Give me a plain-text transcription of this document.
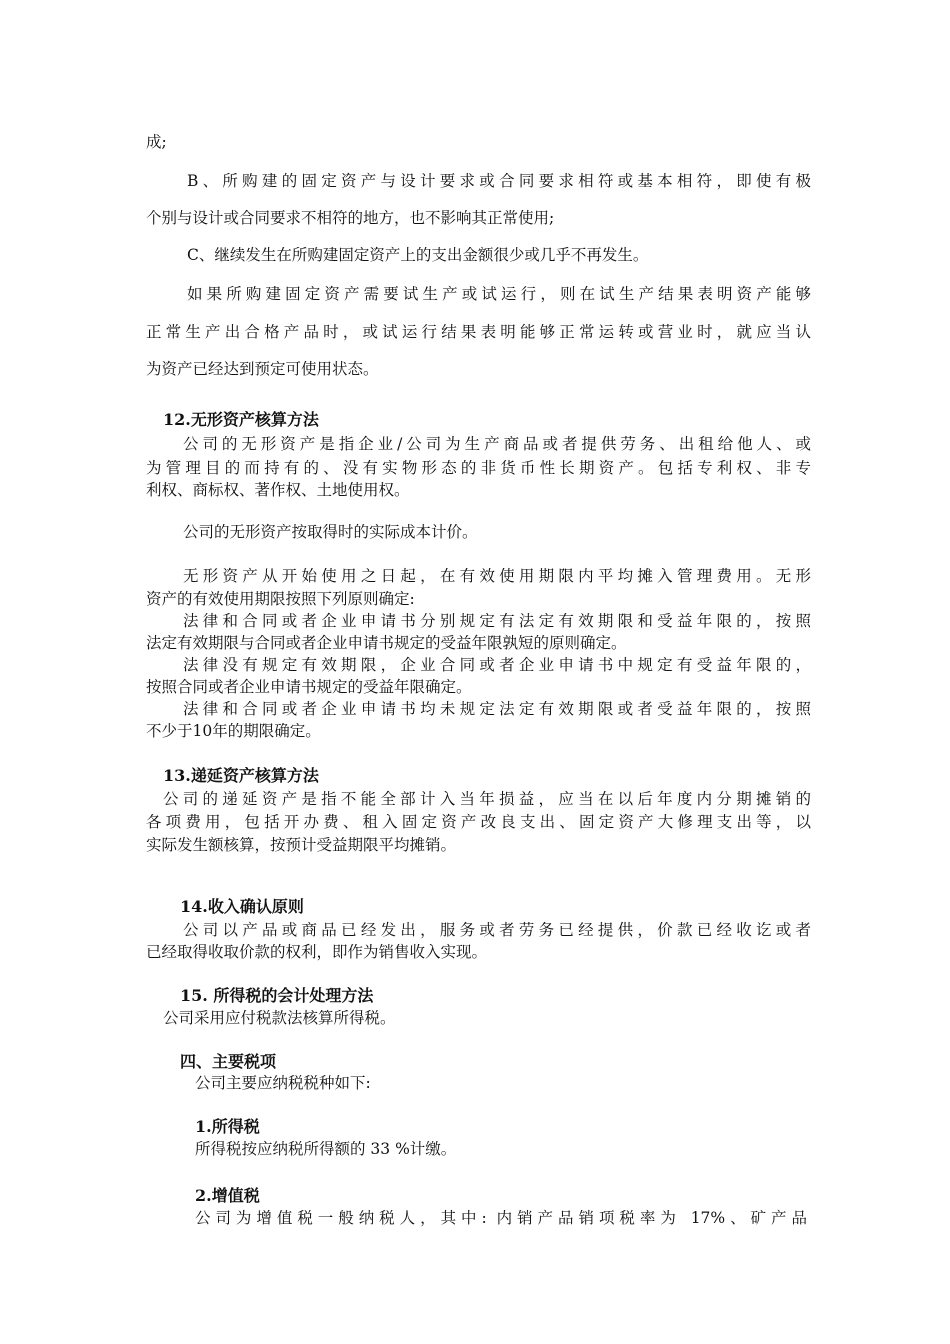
成;
B、所购建的固定资产与设计要求或合同要求相符或基本相符，即使有极
个别与设计或合同要求不相符的地方，也不影响其正常使用;
C、继续发生在所购建固定资产上的支出金额很少或几乎不再发生。
如果所购建固定资产需要试生产或试运行，则在试生产结果表明资产能够
正常生产出合格产品时，或试运行结果表明能够正常运转或营业时，就应当认
为资产已经达到预定可使用状态。
12.无形资产核算方法
公司的无形资产是指企业/公司为生产商品或者提供劳务、出租给他人、或
为管理目的而持有的、没有实物形态的非货币性长期资产。包括专利权、非专
利权、商标权、著作权、土地使用权。
公司的无形资产按取得时的实际成本计价。
无形资产从开始使用之日起，在有效使用期限内平均摊入管理费用。无形
资产的有效使用期限按照下列原则确定:
法律和合同或者企业申请书分别规定有法定有效期限和受益年限的，按照
法定有效期限与合同或者企业申请书规定的受益年限孰短的原则确定。
法律没有规定有效期限，企业合同或者企业申请书中规定有受益年限的，
按照合同或者企业申请书规定的受益年限确定。
法律和合同或者企业申请书均未规定法定有效期限或者受益年限的，按照
不少于10年的期限确定。
13.递延资产核算方法
公司的递延资产是指不能全部计入当年损益，应当在以后年度内分期摊销的
各项费用，包括开办费、租入固定资产改良支出、固定资产大修理支出等，以
实际发生额核算，按预计受益期限平均摊销。
14.收入确认原则
公司以产品或商品已经发出，服务或者劳务已经提供，价款已经收讫或者
已经取得收取价款的权利，即作为销售收入实现。
15. 所得税的会计处理方法
公司采用应付税款法核算所得税。
四、主要税项
公司主要应纳税税种如下:
1.所得税
所得税按应纳税所得额的 33 %计缴。
2.增值税
公司为增值税一般纳税人，其中: 内销产品销项税率为 17%、矿产品
